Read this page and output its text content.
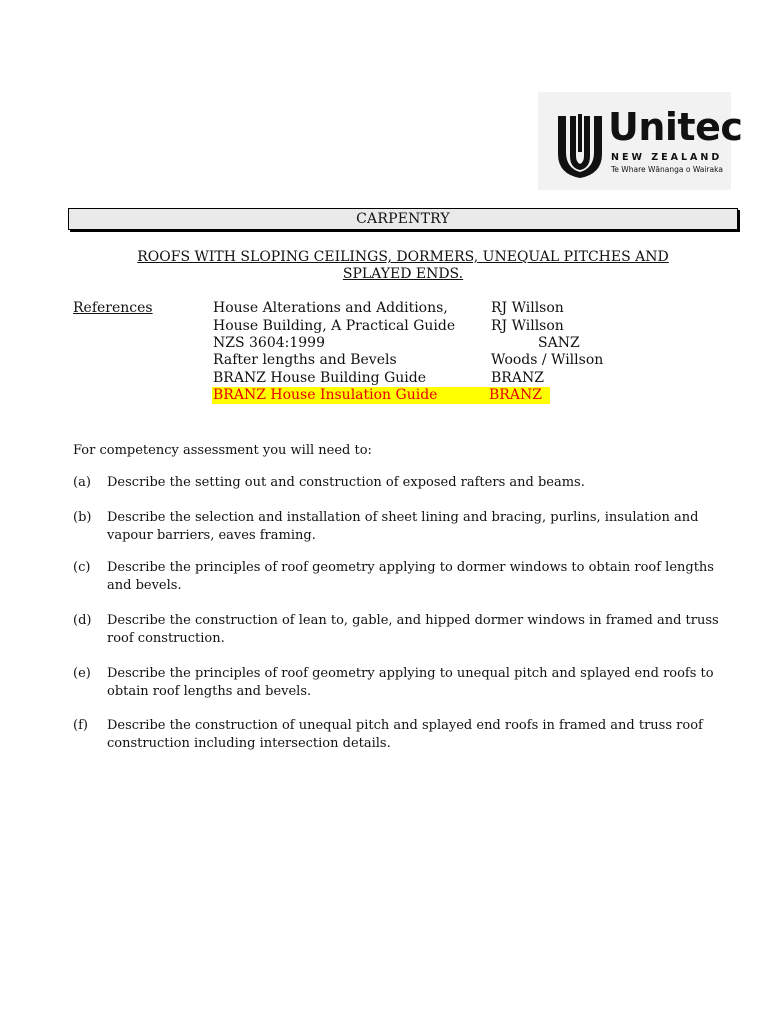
Unitec
NEW ZEALAND
Te Whare Wānanga o Wairaka
CARPENTRY
ROOFS WITH SLOPING CEILINGS, DORMERS, UNEQUAL PITCHES AND
SPLAYED ENDS.
References	House Alterations and Additions,	RJ Willson
House Building, A Practical Guide	RJ Willson
NZS 3604:1999	SANZ
Rafter lengths and Bevels	Woods / Willson
BRANZ House Building Guide	BRANZ
BRANZ House Insulation Guide	BRANZ
For competency assessment you will need to:
(a) Describe the setting out and construction of exposed rafters and beams.
(b) Describe the selection and installation of sheet lining and bracing, purlins, insulation and vapour barriers, eaves framing.
(c) Describe the principles of roof geometry applying to dormer windows to obtain roof lengths and bevels.
(d) Describe the construction of lean to, gable, and hipped dormer windows in framed and truss roof construction.
(e) Describe the principles of roof geometry applying to unequal pitch and splayed end roofs to obtain roof lengths and bevels.
(f) Describe the construction of unequal pitch and splayed end roofs in framed and truss roof construction including intersection details.
